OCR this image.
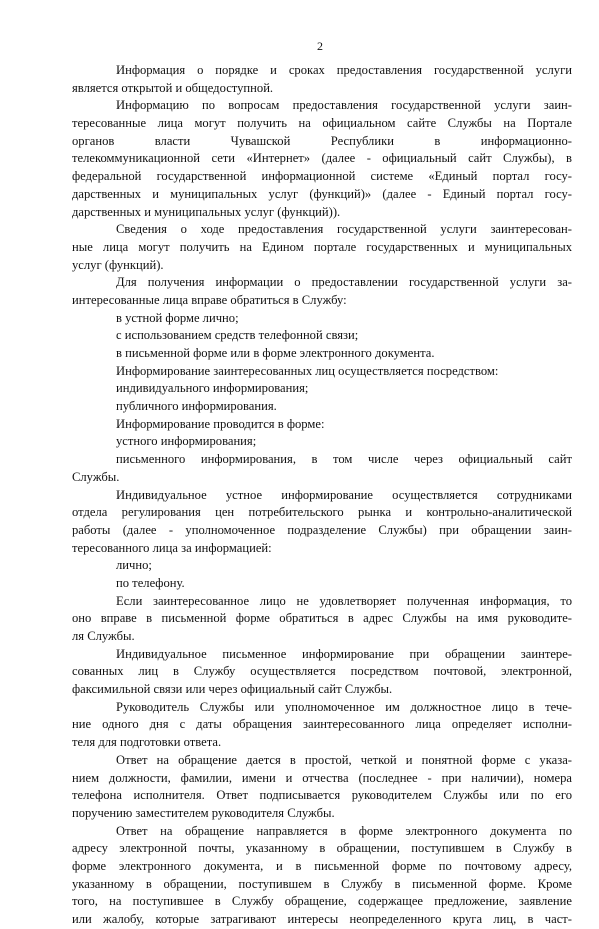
2
Информация о порядке и сроках предоставления государственной услуги
является открытой и общедоступной.
Информацию по вопросам предоставления государственной услуги заин-
тересованные лица могут получить на официальном сайте Службы на Портале
органов власти Чувашской Республики в информационно-
телекоммуникационной сети «Интернет» (далее - официальный сайт Службы), в
федеральной государственной информационной системе «Единый портал госу-
дарственных и муниципальных услуг (функций)» (далее - Единый портал госу-
дарственных и муниципальных услуг (функций)).
Сведения о ходе предоставления государственной услуги заинтересован-
ные лица могут получить на Едином портале государственных и муниципальных
услуг (функций).
Для получения информации о предоставлении государственной услуги за-
интересованные лица вправе обратиться в Службу:
в устной форме лично;
с использованием средств телефонной связи;
в письменной форме или в форме электронного документа.
Информирование заинтересованных лиц осуществляется посредством:
индивидуального информирования;
публичного информирования.
Информирование проводится в форме:
устного информирования;
письменного информирования, в том числе через официальный сайт
Службы.
Индивидуальное устное информирование осуществляется сотрудниками
отдела регулирования цен потребительского рынка и контрольно-аналитической
работы (далее - уполномоченное подразделение Службы) при обращении заин-
тересованного лица за информацией:
лично;
по телефону.
Если заинтересованное лицо не удовлетворяет полученная информация, то
оно вправе в письменной форме обратиться в адрес Службы на имя руководите-
ля Службы.
Индивидуальное письменное информирование при обращении заинтере-
сованных лиц в Службу осуществляется посредством почтовой, электронной,
факсимильной связи или через официальный сайт Службы.
Руководитель Службы или уполномоченное им должностное лицо в тече-
ние одного дня с даты обращения заинтересованного лица определяет исполни-
теля для подготовки ответа.
Ответ на обращение дается в простой, четкой и понятной форме с указа-
нием должности, фамилии, имени и отчества (последнее - при наличии), номера
телефона исполнителя. Ответ подписывается руководителем Службы или по его
поручению заместителем руководителя Службы.
Ответ на обращение направляется в форме электронного документа по
адресу электронной почты, указанному в обращении, поступившем в Службу в
форме электронного документа, и в письменной форме по почтовому адресу,
указанному в обращении, поступившем в Службу в письменной форме. Кроме
того, на поступившее в Службу обращение, содержащее предложение, заявление
или жалобу, которые затрагивают интересы неопределенного круга лиц, в част-
